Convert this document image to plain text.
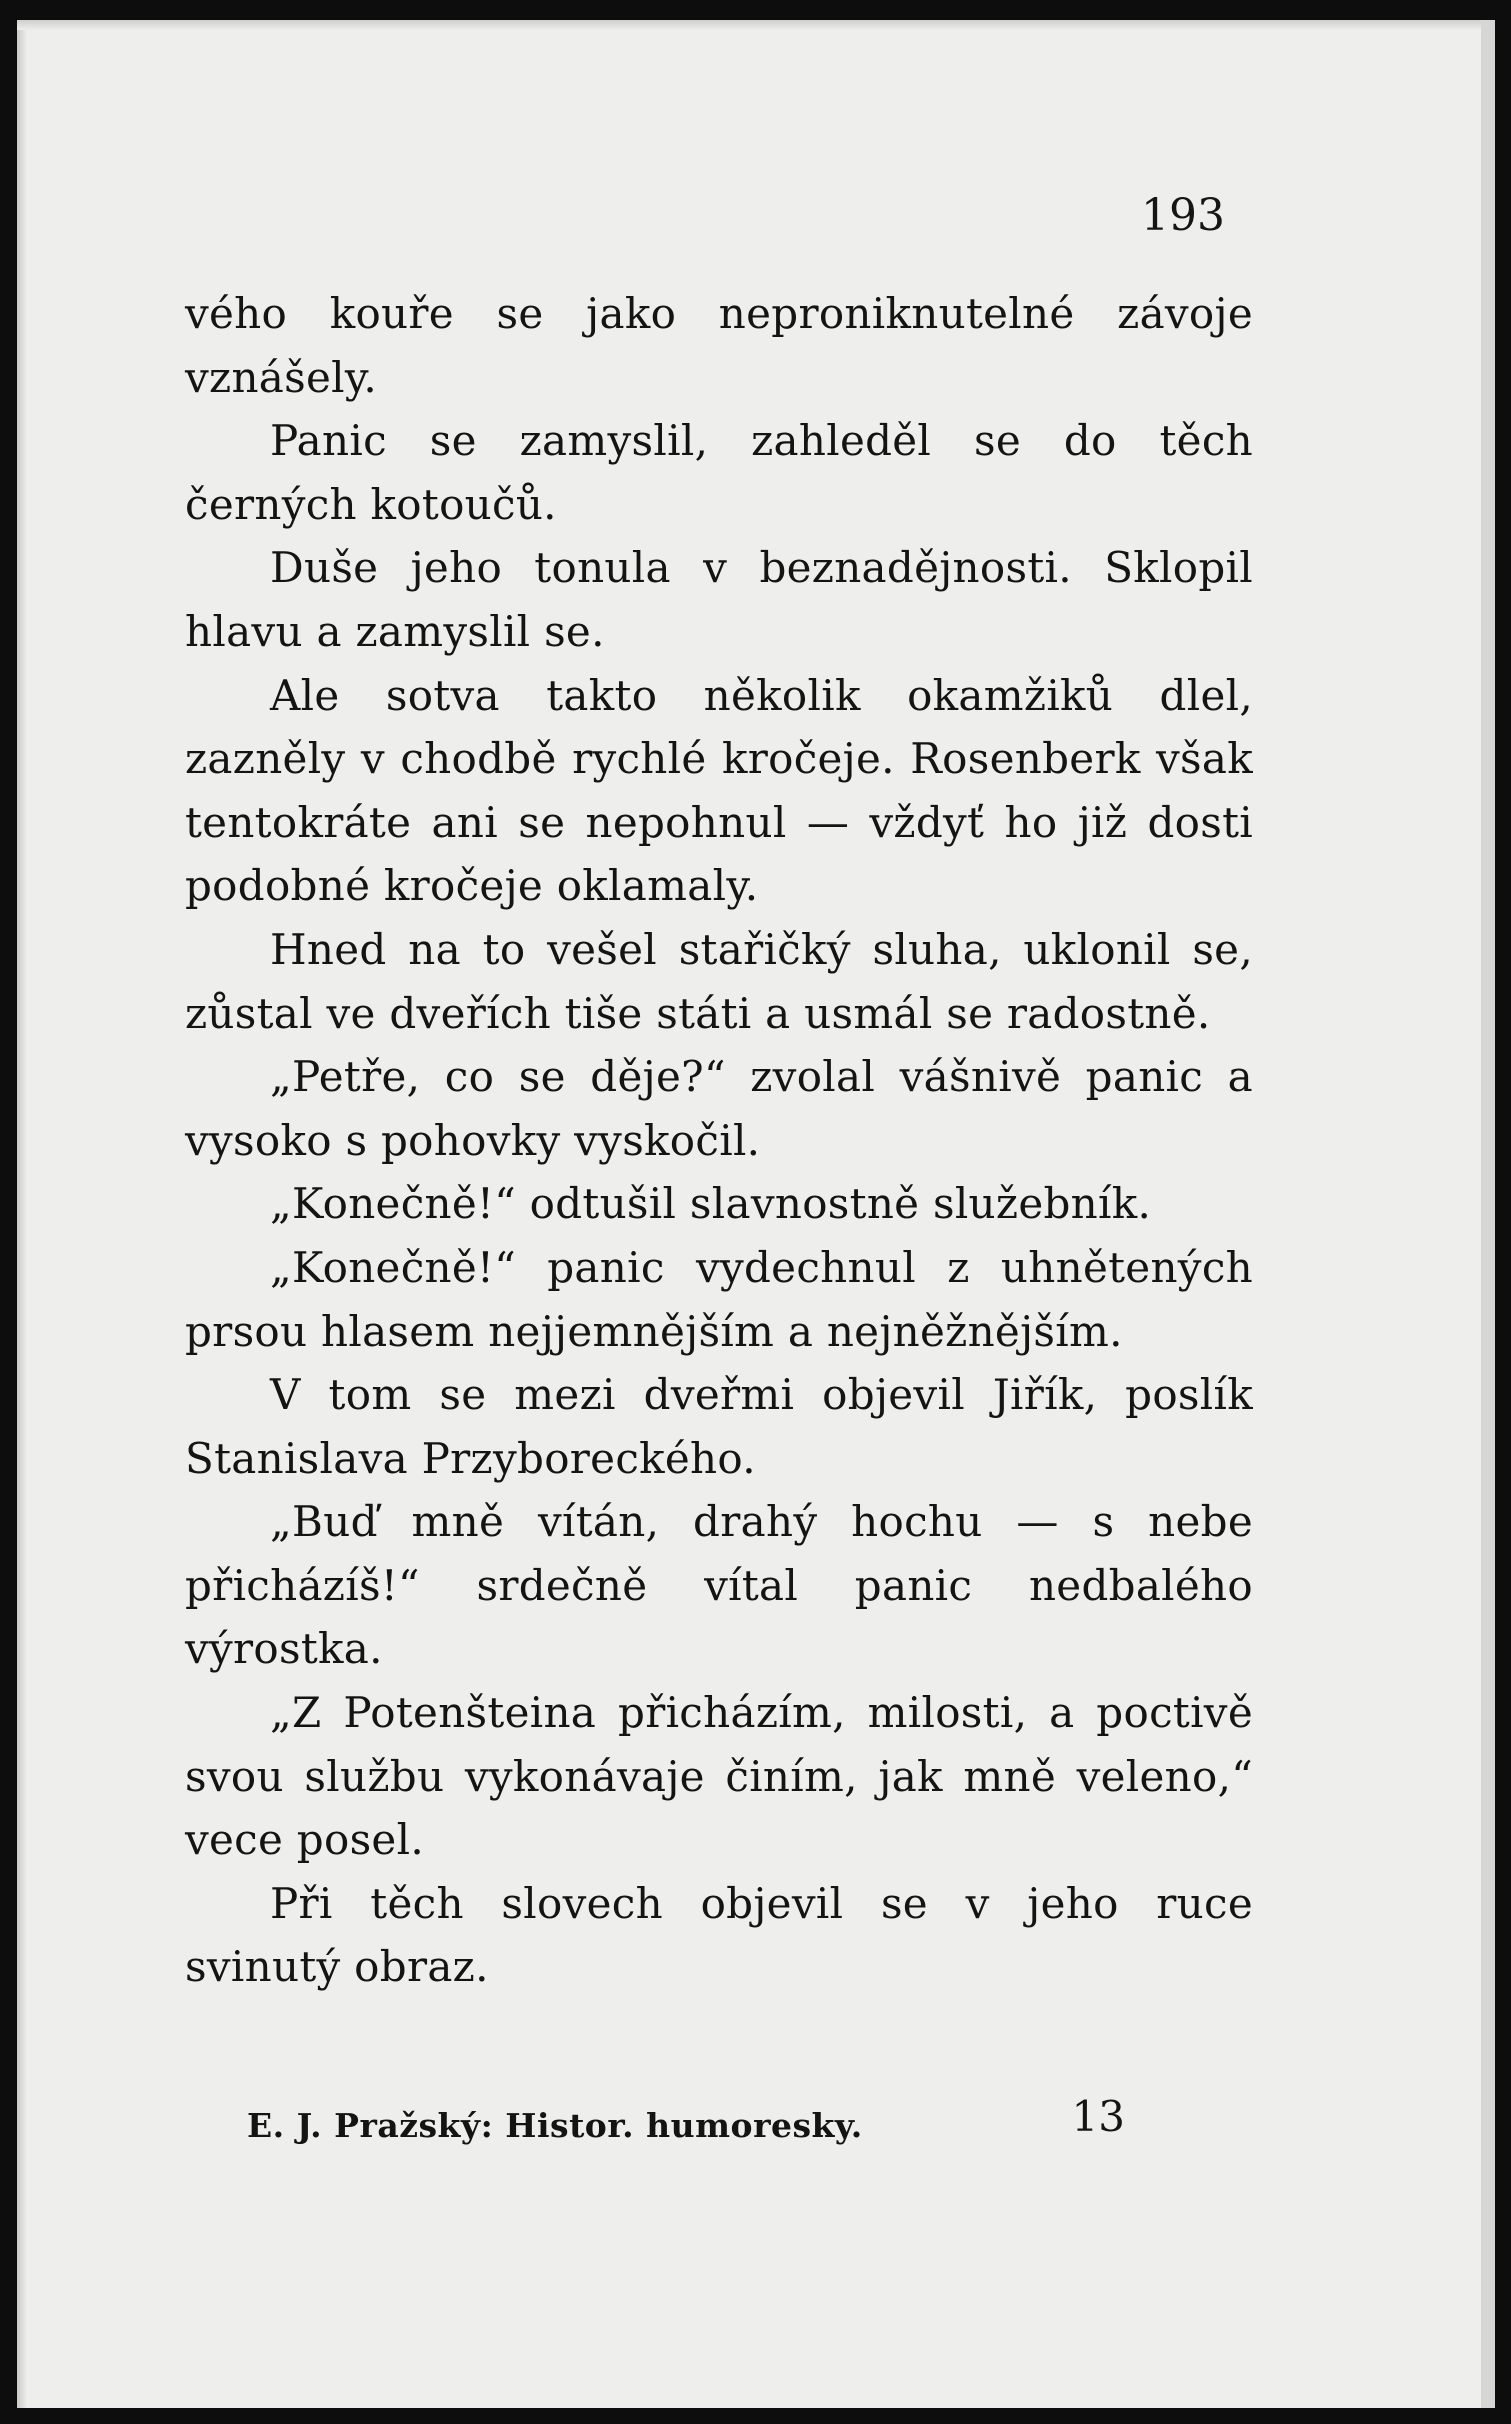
193

vého kouře se jako neproniknutelné závoje vznášely.

Panic se zamyslil, zahleděl se do těch černých kotoučů.

Duše jeho tonula v beznadějnosti. Sklopil hlavu a zamyslil se.

Ale sotva takto několik okamžiků dlel, zazněly v chodbě rychlé kročeje. Rosenberk však tentokráte ani se nepohnul — vždyť ho již dosti podobné kročeje oklamaly.

Hned na to vešel stařičký sluha, uklonil se, zůstal ve dveřích tiše státi a usmál se radostně.

„Petře, co se děje?“ zvolal vášnivě panic a vysoko s pohovky vyskočil.

„Konečně!“ odtušil slavnostně služebník.

„Konečně!“ panic vydechnul z uhnětených prsou hlasem nejjemnějším a nejněžnějším.

V tom se mezi dveřmi objevil Jiřík, poslík Stanislava Przyboreckého.

„Buď mně vítán, drahý hochu — s nebe přicházíš!“ srdečně vítal panic nedbalého výrostka.

„Z Potenšteina přicházím, milosti, a poctivě svou službu vykonávaje činím, jak mně veleno,“ vece posel.

Při těch slovech objevil se v jeho ruce svinutý obraz.

E. J. Pražský: Histor. humoresky.	13
